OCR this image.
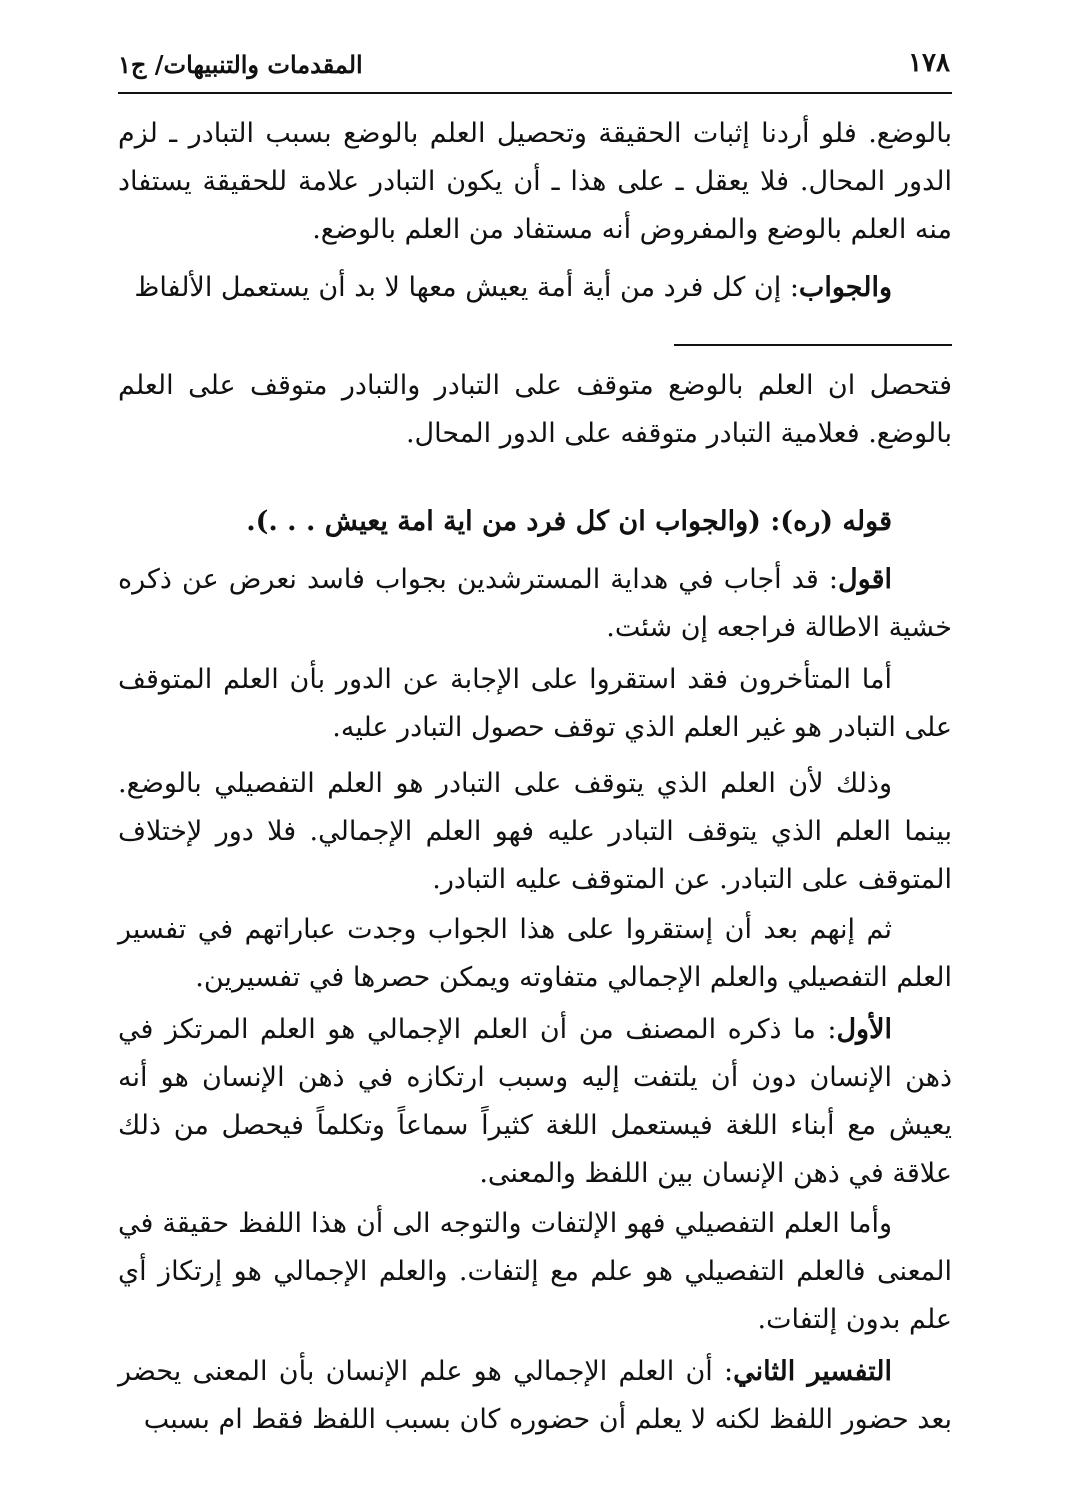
المقدمات والتنبيهات/ ج١	١٧٨

بالوضع. فلو أردنا إثبات الحقيقة وتحصيل العلم بالوضع بسبب التبادر ـ لزم الدور المحال. فلا يعقل ـ على هذا ـ أن يكون التبادر علامة للحقيقة يستفاد منه العلم بالوضع والمفروض أنه مستفاد من العلم بالوضع.

والجواب: إن كل فرد من أية أمة يعيش معها لا بد أن يستعمل الألفاظ

فتحصل ان العلم بالوضع متوقف على التبادر والتبادر متوقف على العلم بالوضع. فعلامية التبادر متوقفه على الدور المحال.

قوله (ره): (والجواب ان كل فرد من اية امة يعيش . . .).

اقول: قد أجاب في هداية المسترشدين بجواب فاسد نعرض عن ذكره خشية الاطالة فراجعه إن شئت.

أما المتأخرون فقد استقروا على الإجابة عن الدور بأن العلم المتوقف على التبادر هو غير العلم الذي توقف حصول التبادر عليه.

وذلك لأن العلم الذي يتوقف على التبادر هو العلم التفصيلي بالوضع. بينما العلم الذي يتوقف التبادر عليه فهو العلم الإجمالي. فلا دور لإختلاف المتوقف على التبادر. عن المتوقف عليه التبادر.

ثم إنهم بعد أن إستقروا على هذا الجواب وجدت عباراتهم في تفسير العلم التفصيلي والعلم الإجمالي متفاوته ويمكن حصرها في تفسيرين.

الأول: ما ذكره المصنف من أن العلم الإجمالي هو العلم المرتكز في ذهن الإنسان دون أن يلتفت إليه وسبب ارتكازه في ذهن الإنسان هو أنه يعيش مع أبناء اللغة فيستعمل اللغة كثيراً سماعاً وتكلماً فيحصل من ذلك علاقة في ذهن الإنسان بين اللفظ والمعنى.

وأما العلم التفصيلي فهو الإلتفات والتوجه الى أن هذا اللفظ حقيقة في المعنى فالعلم التفصيلي هو علم مع إلتفات. والعلم الإجمالي هو إرتكاز أي علم بدون إلتفات.

التفسير الثاني: أن العلم الإجمالي هو علم الإنسان بأن المعنى يحضر بعد حضور اللفظ لكنه لا يعلم أن حضوره كان بسبب اللفظ فقط ام بسبب
